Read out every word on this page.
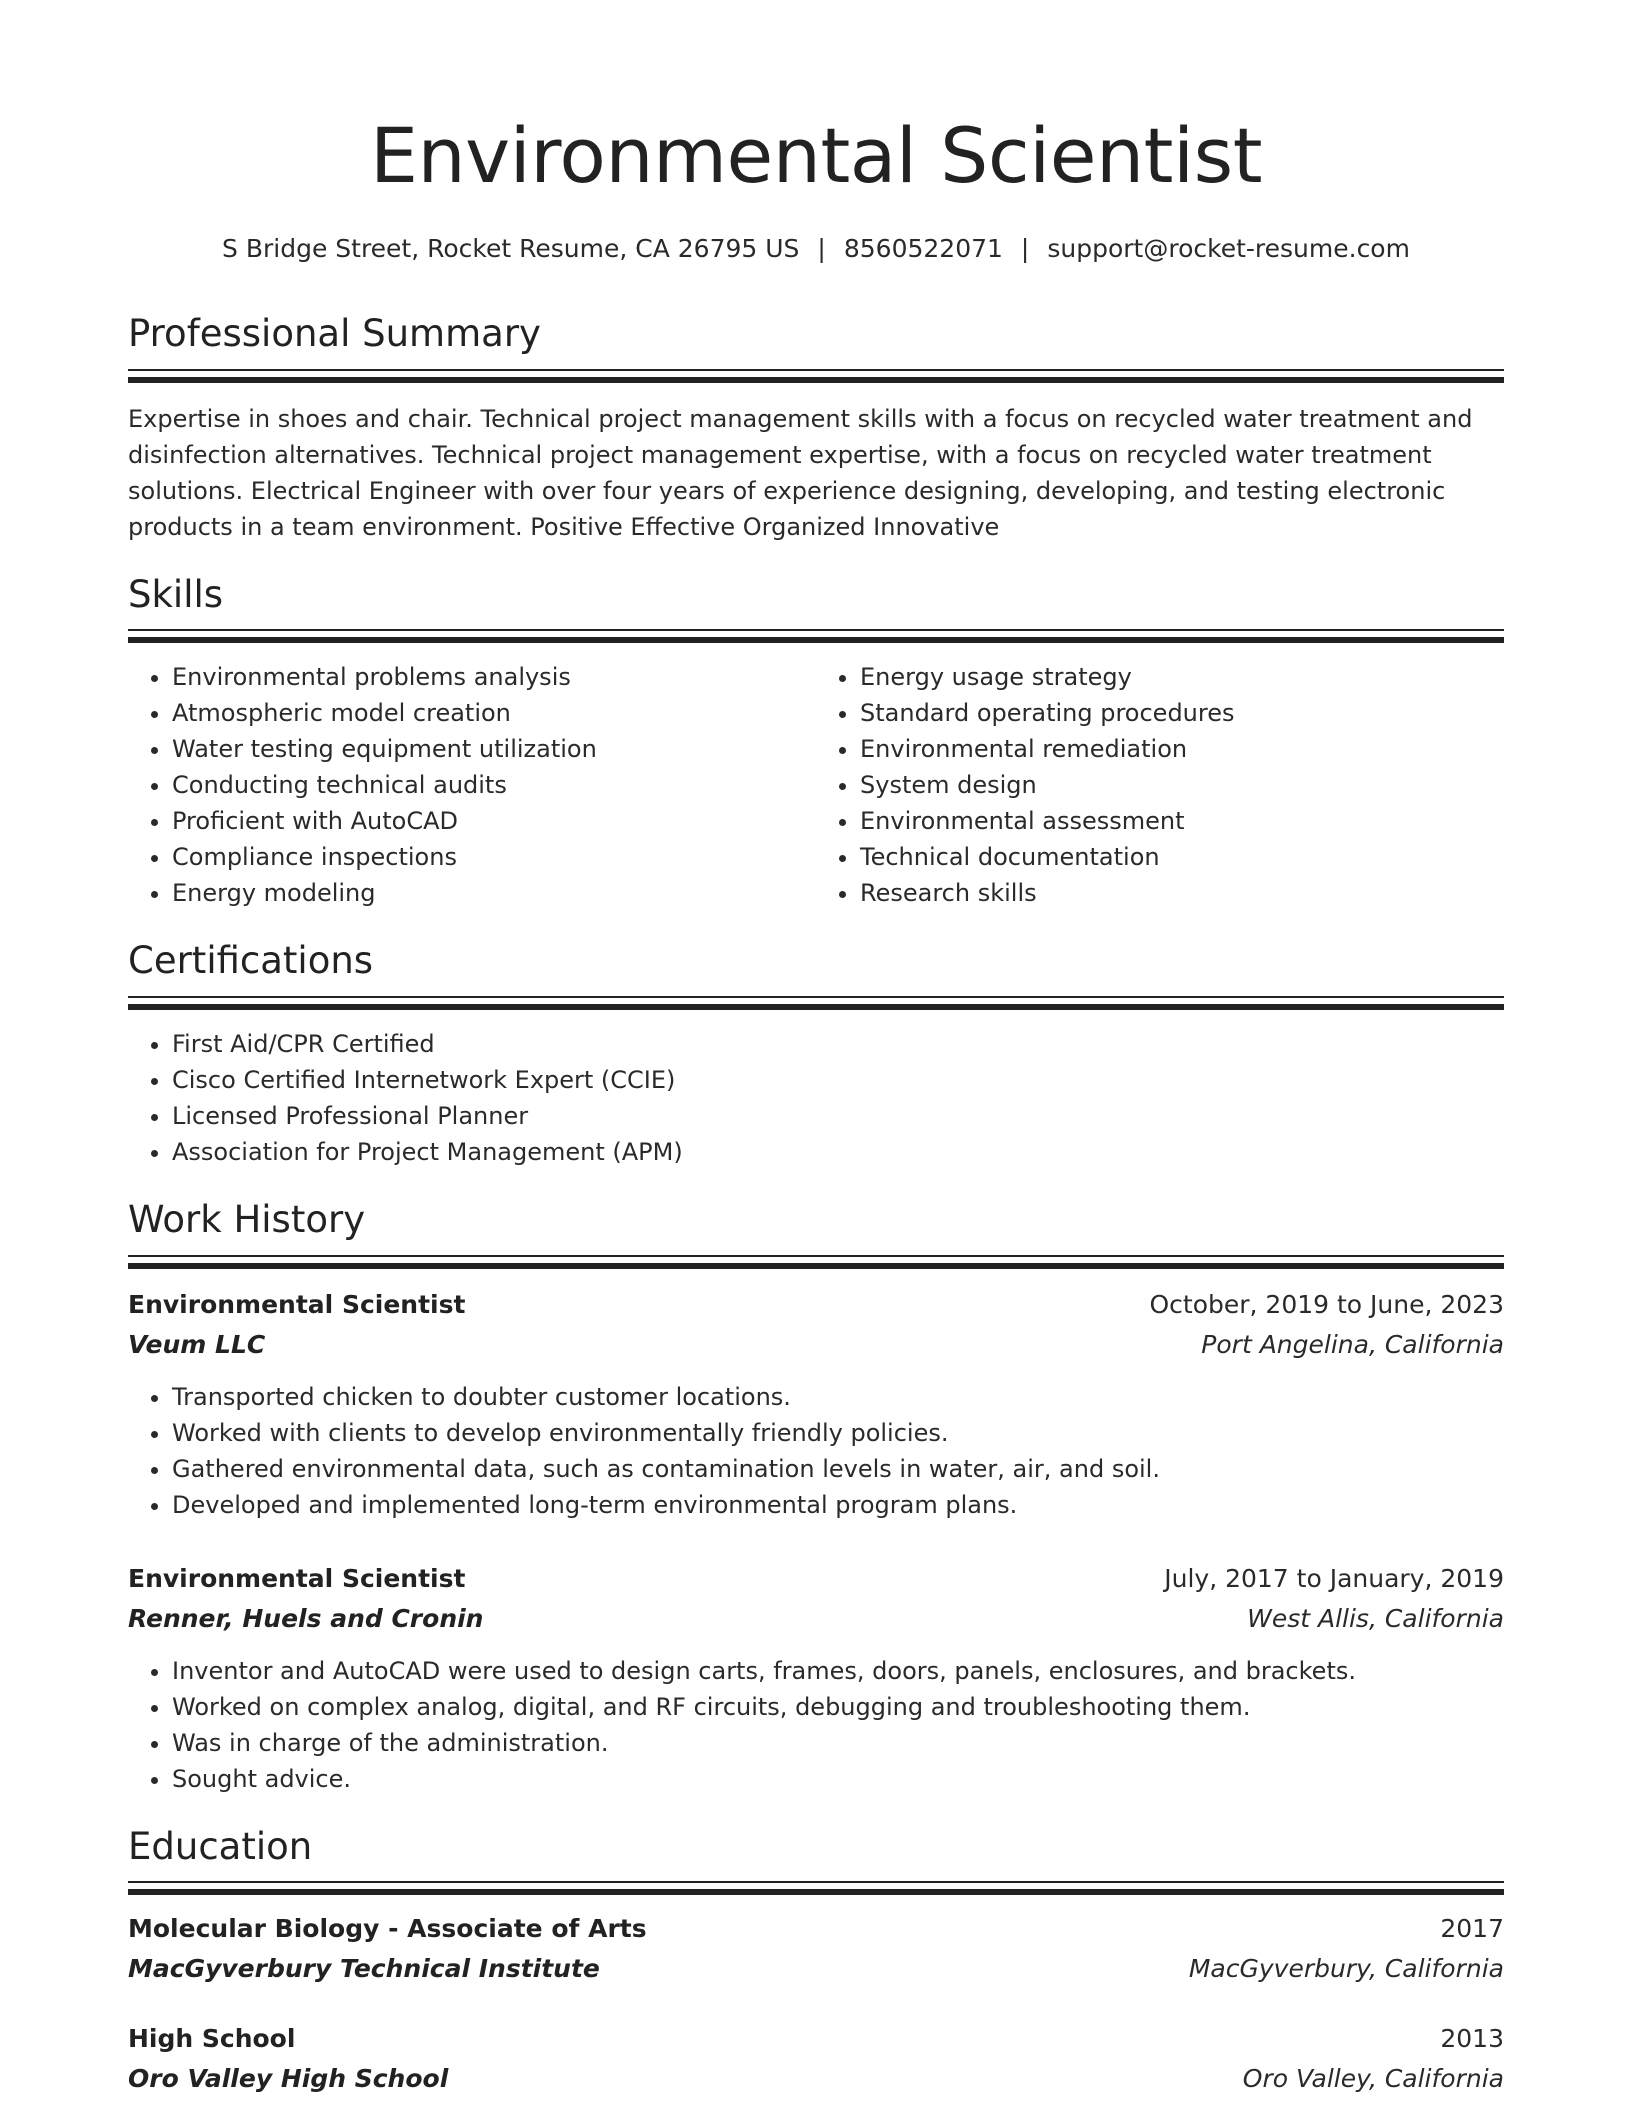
Environmental Scientist
S Bridge Street, Rocket Resume, CA 26795 US | 8560522071 | support@rocket-resume.com
Professional Summary
Expertise in shoes and chair. Technical project management skills with a focus on recycled water treatment and disinfection alternatives. Technical project management expertise, with a focus on recycled water treatment solutions. Electrical Engineer with over four years of experience designing, developing, and testing electronic products in a team environment. Positive Effective Organized Innovative
Skills
• Environmental problems analysis
• Atmospheric model creation
• Water testing equipment utilization
• Conducting technical audits
• Proficient with AutoCAD
• Compliance inspections
• Energy modeling
• Energy usage strategy
• Standard operating procedures
• Environmental remediation
• System design
• Environmental assessment
• Technical documentation
• Research skills
Certifications
• First Aid/CPR Certified
• Cisco Certified Internetwork Expert (CCIE)
• Licensed Professional Planner
• Association for Project Management (APM)
Work History
Environmental Scientist	October, 2019 to June, 2023
Veum LLC	Port Angelina, California
• Transported chicken to doubter customer locations.
• Worked with clients to develop environmentally friendly policies.
• Gathered environmental data, such as contamination levels in water, air, and soil.
• Developed and implemented long-term environmental program plans.
Environmental Scientist	July, 2017 to January, 2019
Renner, Huels and Cronin	West Allis, California
• Inventor and AutoCAD were used to design carts, frames, doors, panels, enclosures, and brackets.
• Worked on complex analog, digital, and RF circuits, debugging and troubleshooting them.
• Was in charge of the administration.
• Sought advice.
Education
Molecular Biology - Associate of Arts	2017
MacGyverbury Technical Institute	MacGyverbury, California
High School	2013
Oro Valley High School	Oro Valley, California
